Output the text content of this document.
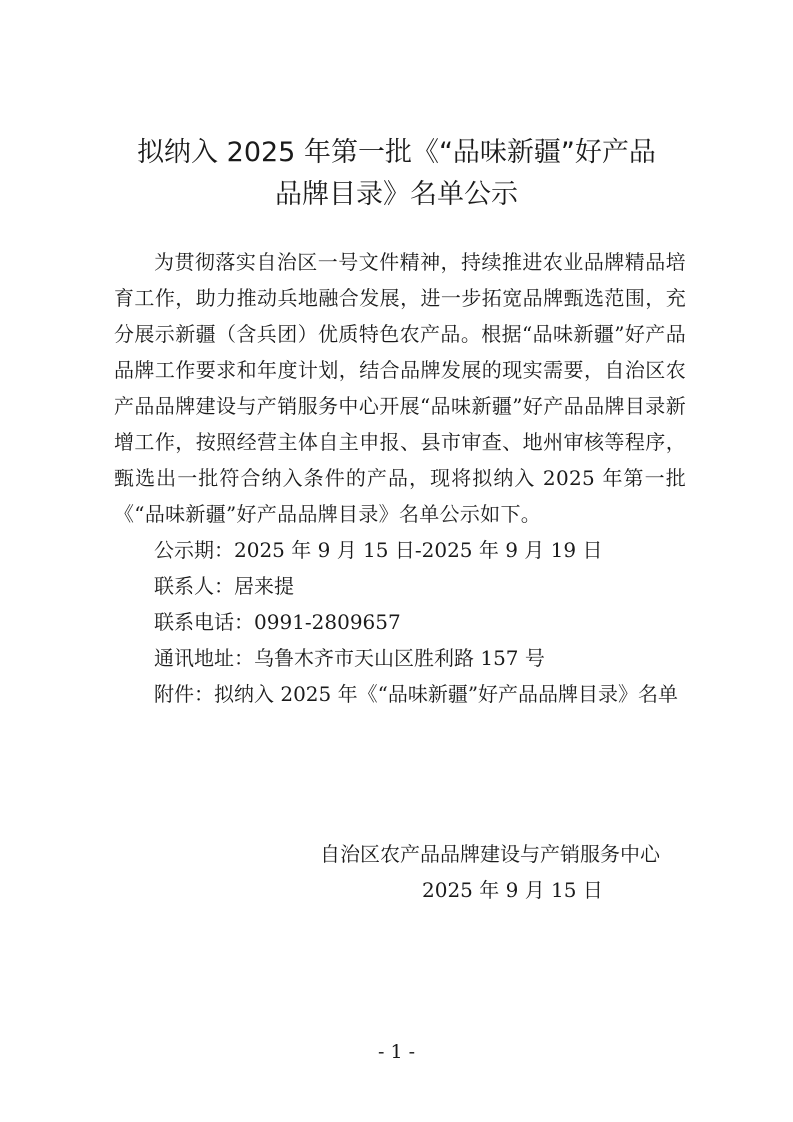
拟纳入 2025 年第一批《“品味新疆”好产品
品牌目录》名单公示

为贯彻落实自治区一号文件精神，持续推进农业品牌精品培育工作，助力推动兵地融合发展，进一步拓宽品牌甄选范围，充分展示新疆（含兵团）优质特色农产品。根据“品味新疆”好产品品牌工作要求和年度计划，结合品牌发展的现实需要，自治区农产品品牌建设与产销服务中心开展“品味新疆”好产品品牌目录新增工作，按照经营主体自主申报、县市审查、地州审核等程序，甄选出一批符合纳入条件的产品，现将拟纳入 2025 年第一批《“品味新疆”好产品品牌目录》名单公示如下。

公示期：2025 年 9 月 15 日-2025 年 9 月 19 日

联系人：居来提

联系电话：0991-2809657

通讯地址：乌鲁木齐市天山区胜利路 157 号

附件：拟纳入 2025 年《“品味新疆”好产品品牌目录》名单

自治区农产品品牌建设与产销服务中心
2025 年 9 月 15 日
- 1 -
